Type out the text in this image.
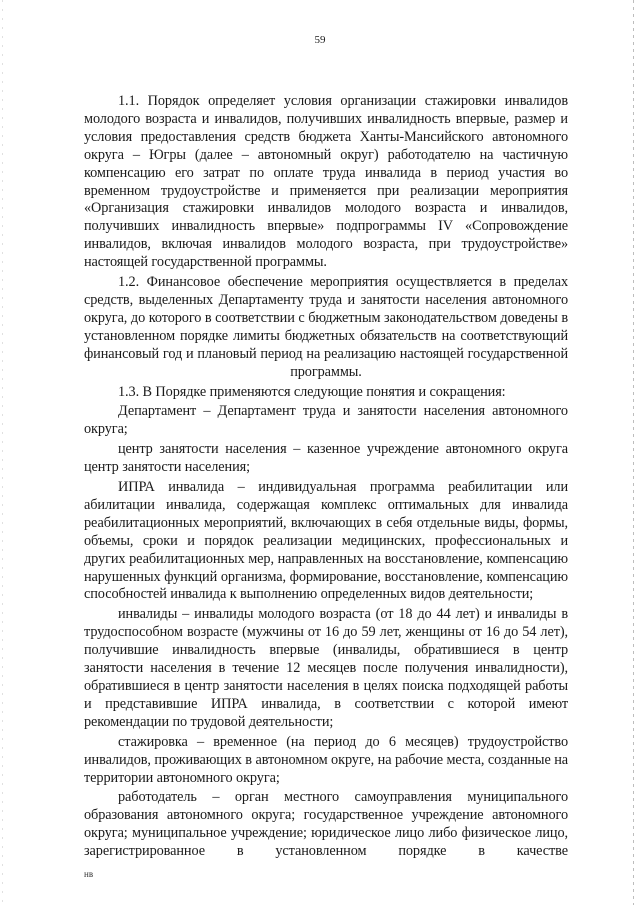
59

1.1. Порядок определяет условия организации стажировки инвалидов молодого возраста и инвалидов, получивших инвалидность впервые, размер и условия предоставления средств бюджета Ханты-Мансийского автономного округа – Югры (далее – автономный округ) работодателю на частичную компенсацию его затрат по оплате труда инвалида в период участия во временном трудоустройстве и применяется при реализации мероприятия «Организация стажировки инвалидов молодого возраста и инвалидов, получивших инвалидность впервые» подпрограммы IV «Сопровождение инвалидов, включая инвалидов молодого возраста, при трудоустройстве» настоящей государственной программы.

1.2. Финансовое обеспечение мероприятия осуществляется в пределах средств, выделенных Департаменту труда и занятости населения автономного округа, до которого в соответствии с бюджетным законодательством доведены в установленном порядке лимиты бюджетных обязательств на соответствующий финансовый год и плановый период на реализацию настоящей государственной программы.

1.3. В Порядке применяются следующие понятия и сокращения:

Департамент – Департамент труда и занятости населения автономного округа;

центр занятости населения – казенное учреждение автономного округа центр занятости населения;

ИПРА инвалида – индивидуальная программа реабилитации или абилитации инвалида, содержащая комплекс оптимальных для инвалида реабилитационных мероприятий, включающих в себя отдельные виды, формы, объемы, сроки и порядок реализации медицинских, профессиональных и других реабилитационных мер, направленных на восстановление, компенсацию нарушенных функций организма, формирование, восстановление, компенсацию способностей инвалида к выполнению определенных видов деятельности;

инвалиды – инвалиды молодого возраста (от 18 до 44 лет) и инвалиды в трудоспособном возрасте (мужчины от 16 до 59 лет, женщины от 16 до 54 лет), получившие инвалидность впервые (инвалиды, обратившиеся в центр занятости населения в течение 12 месяцев после получения инвалидности), обратившиеся в центр занятости населения в целях поиска подходящей работы и представившие ИПРА инвалида, в соответствии с которой имеют рекомендации по трудовой деятельности;

стажировка – временное (на период до 6 месяцев) трудоустройство инвалидов, проживающих в автономном округе, на рабочие места, созданные на территории автономного округа;

работодатель – орган местного самоуправления муниципального образования автономного округа; государственное учреждение автономного округа; муниципальное учреждение; юридическое лицо либо физическое лицо, зарегистрированное в установленном порядке в качестве

нв
